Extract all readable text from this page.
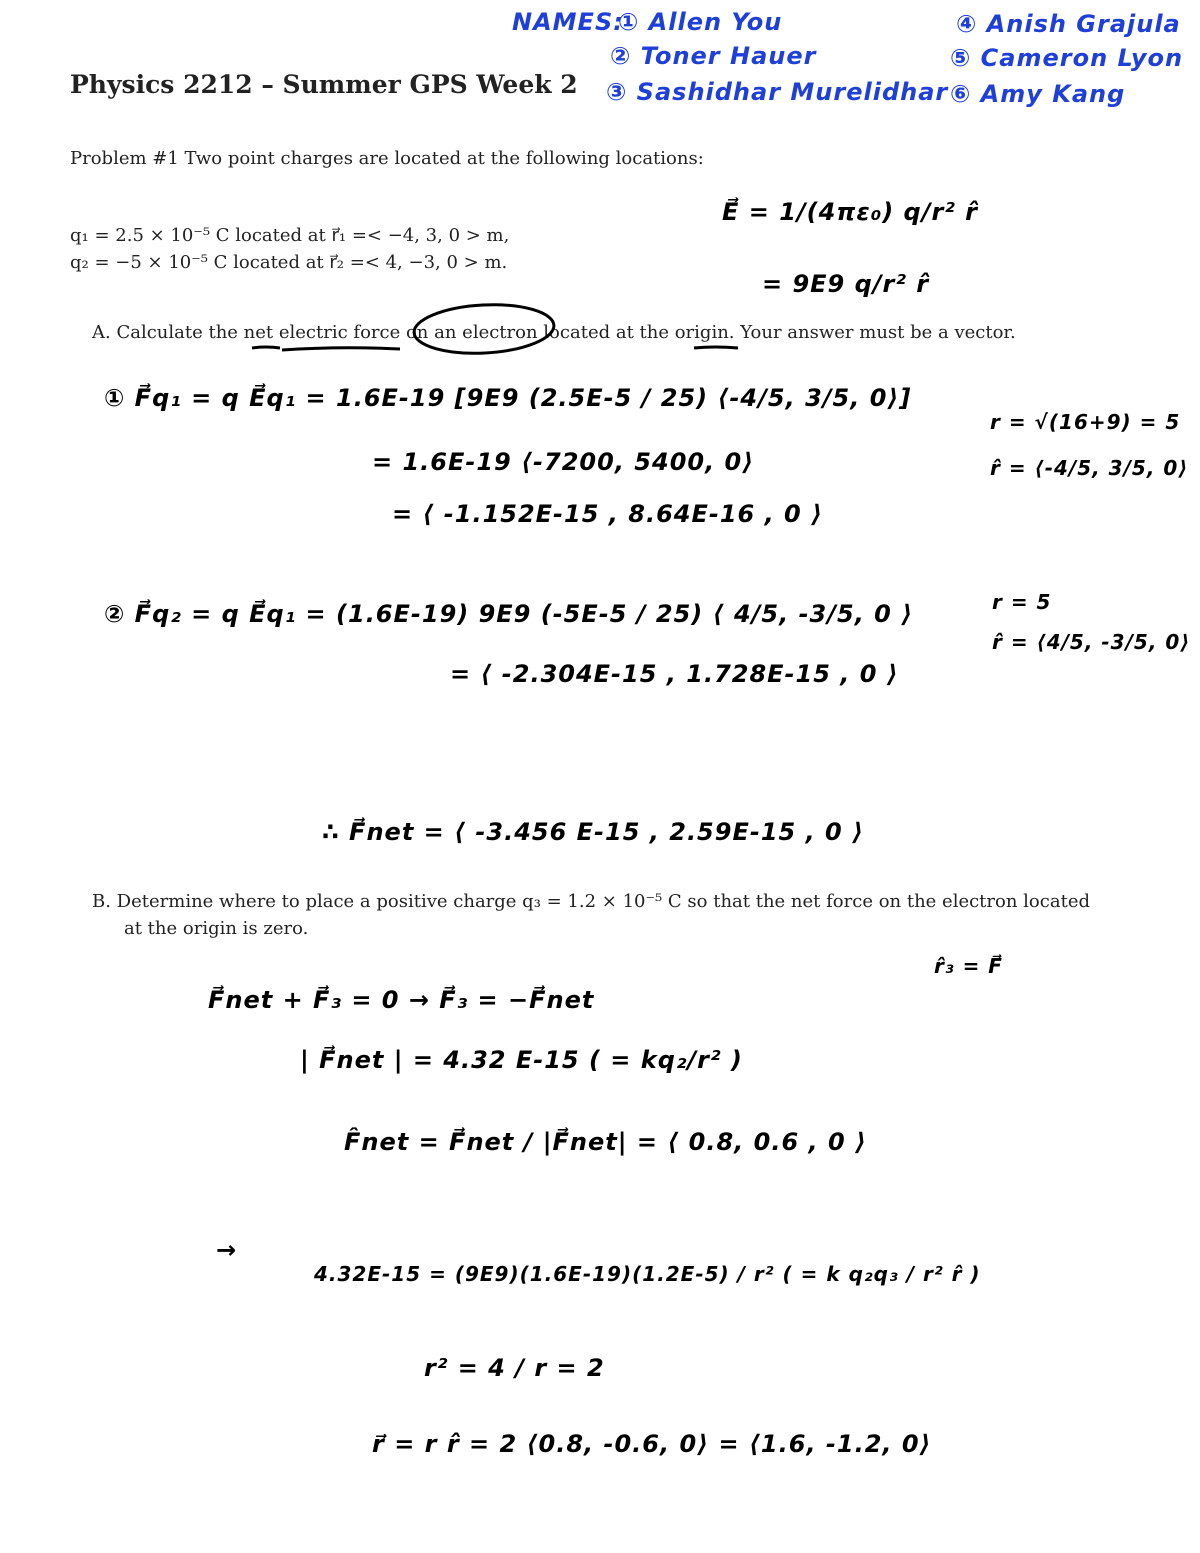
NAMES:
① Allen You
② Toner Hauer
③ Sashidhar Murelidhar
④ Anish Grajula
⑤ Cameron Lyon
⑥ Amy Kang
Physics 2212 – Summer GPS Week 2
Problem #1 Two point charges are located at the following locations:
q₁ = 2.5 × 10⁻⁵ C located at r⃗₁ =< −4, 3, 0 > m,
q₂ = −5 × 10⁻⁵ C located at r⃗₂ =< 4, −3, 0 > m.
A. Calculate the net electric force on an electron located at the origin. Your answer must be a vector.
B. Determine where to place a positive charge q₃ = 1.2 × 10⁻⁵ C so that the net force on the electron located
at the origin is zero.
E⃗ = 1/(4πε₀) q/r² r̂
= 9E9 q/r² r̂
① F⃗q₁ = q E⃗q₁ = 1.6E-19 [9E9 (2.5E-5 / 25) ⟨-4/5, 3/5, 0⟩]
= 1.6E-19 ⟨-7200, 5400, 0⟩
= ⟨ -1.152E-15 , 8.64E-16 , 0 ⟩
r = √(16+9) = 5
r̂ = ⟨-4/5, 3/5, 0⟩
② F⃗q₂ = q E⃗q₁ = (1.6E-19) 9E9 (-5E-5 / 25) ⟨ 4/5, -3/5, 0 ⟩
= ⟨ -2.304E-15 , 1.728E-15 , 0 ⟩
r = 5
r̂ = ⟨4/5, -3/5, 0⟩
∴ F⃗net = ⟨ -3.456 E-15 , 2.59E-15 , 0 ⟩
r̂₃ = F⃗
F⃗net + F⃗₃ = 0 → F⃗₃ = −F⃗net
| F⃗net | = 4.32 E-15 ( = kq₂/r² )
F̂net = F⃗net / |F⃗net| = ⟨ 0.8, 0.6 , 0 ⟩
→
4.32E-15 = (9E9)(1.6E-19)(1.2E-5) / r² ( = k q₂q₃ / r² r̂ )
r² = 4 / r = 2
r⃗ = r r̂ = 2 ⟨0.8, -0.6, 0⟩ = ⟨1.6, -1.2, 0⟩
